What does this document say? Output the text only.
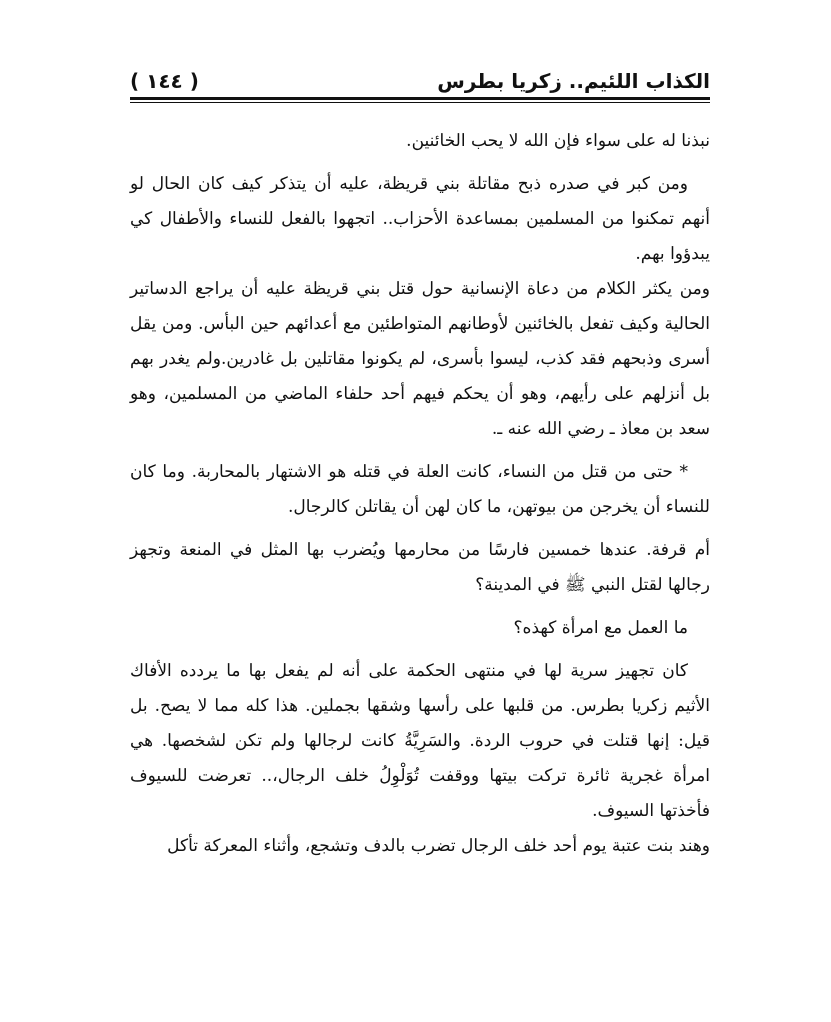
الكذاب اللئيم.. زكريا بطرس
( ١٤٤ )

نبذنا له على سواء فإن الله لا يحب الخائنين.

ومن كبر في صدره ذبح مقاتلة بني قريظة، عليه أن يتذكر كيف كان الحال لو أنهم تمكنوا من المسلمين بمساعدة الأحزاب.. اتجهوا بالفعل للنساء والأطفال كي يبدؤوا بهم.

ومن يكثر الكلام من دعاة الإنسانية حول قتل بني قريظة عليه أن يراجع الدساتير الحالية وكيف تفعل بالخائنين لأوطانهم المتواطئين مع أعدائهم حين البأس. ومن يقل أسرى وذبحهم فقد كذب، ليسوا بأسرى، لم يكونوا مقاتلين بل غادرين.ولم يغدر بهم بل أنزلهم على رأيهم، وهو أن يحكم فيهم أحد حلفاء الماضي من المسلمين، وهو سعد بن معاذ ـ رضي الله عنه ـ.

* حتى من قتل من النساء، كانت العلة في قتله هو الاشتهار بالمحاربة. وما كان للنساء أن يخرجن من بيوتهن، ما كان لهن أن يقاتلن كالرجال.

أم قرفة. عندها خمسين فارسًا من محارمها ويُضرب بها المثل في المنعة وتجهز رجالها لقتل النبي ﷺ في المدينة؟

ما العمل مع امرأة كهذه؟

كان تجهيز سرية لها في منتهى الحكمة على أنه لم يفعل بها ما يردده الأفاك الأثيم زكريا بطرس. من قلبها على رأسها وشقها بجملين. هذا كله مما لا يصح. بل قيل: إنها قتلت في حروب الردة. والسَرِيَّةُ كانت لرجالها ولم تكن لشخصها. هي امرأة غجرية ثائرة تركت بيتها ووقفت تُوَلْوِلُ خلف الرجال،.. تعرضت للسيوف فأخذتها السيوف.

وهند بنت عتبة يوم أحد خلف الرجال تضرب بالدف وتشجع، وأثناء المعركة تأكل
